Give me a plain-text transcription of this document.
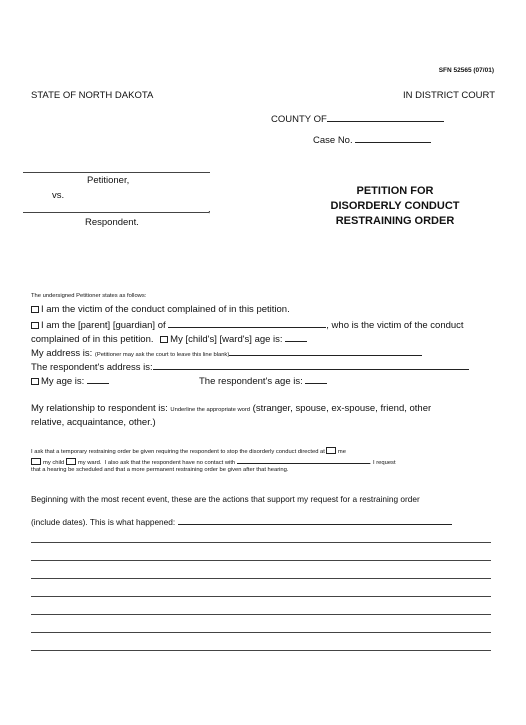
SFN 52565 (07/01)
STATE OF NORTH DAKOTA	IN DISTRICT COURT
COUNTY OF
Case No.
Petitioner,
vs.
,
Respondent.
PETITION FOR
DISORDERLY CONDUCT
RESTRAINING ORDER
The undersigned Petitioner states as follows:
I am the victim of the conduct complained of in this petition.
I am the [parent] [guardian] of	, who is the victim of the conduct
complained of in this petition. My [child's] [ward's] age is:
My address is: (Petitioner may ask the court to leave this line blank)
The respondent's address is:
My age is:	The respondent's age is:
My relationship to respondent is: Underline the appropriate word (stranger, spouse, ex-spouse, friend, other
relative, acquaintance, other.)
I ask that a temporary restraining order be given requiring the respondent to stop the disorderly conduct directed at me
my child my ward. I also ask that the respondent have no contact with	. I request
that a hearing be scheduled and that a more permanent restraining order be given after that hearing.
Beginning with the most recent event, these are the actions that support my request for a restraining order
(include dates). This is what happened:
